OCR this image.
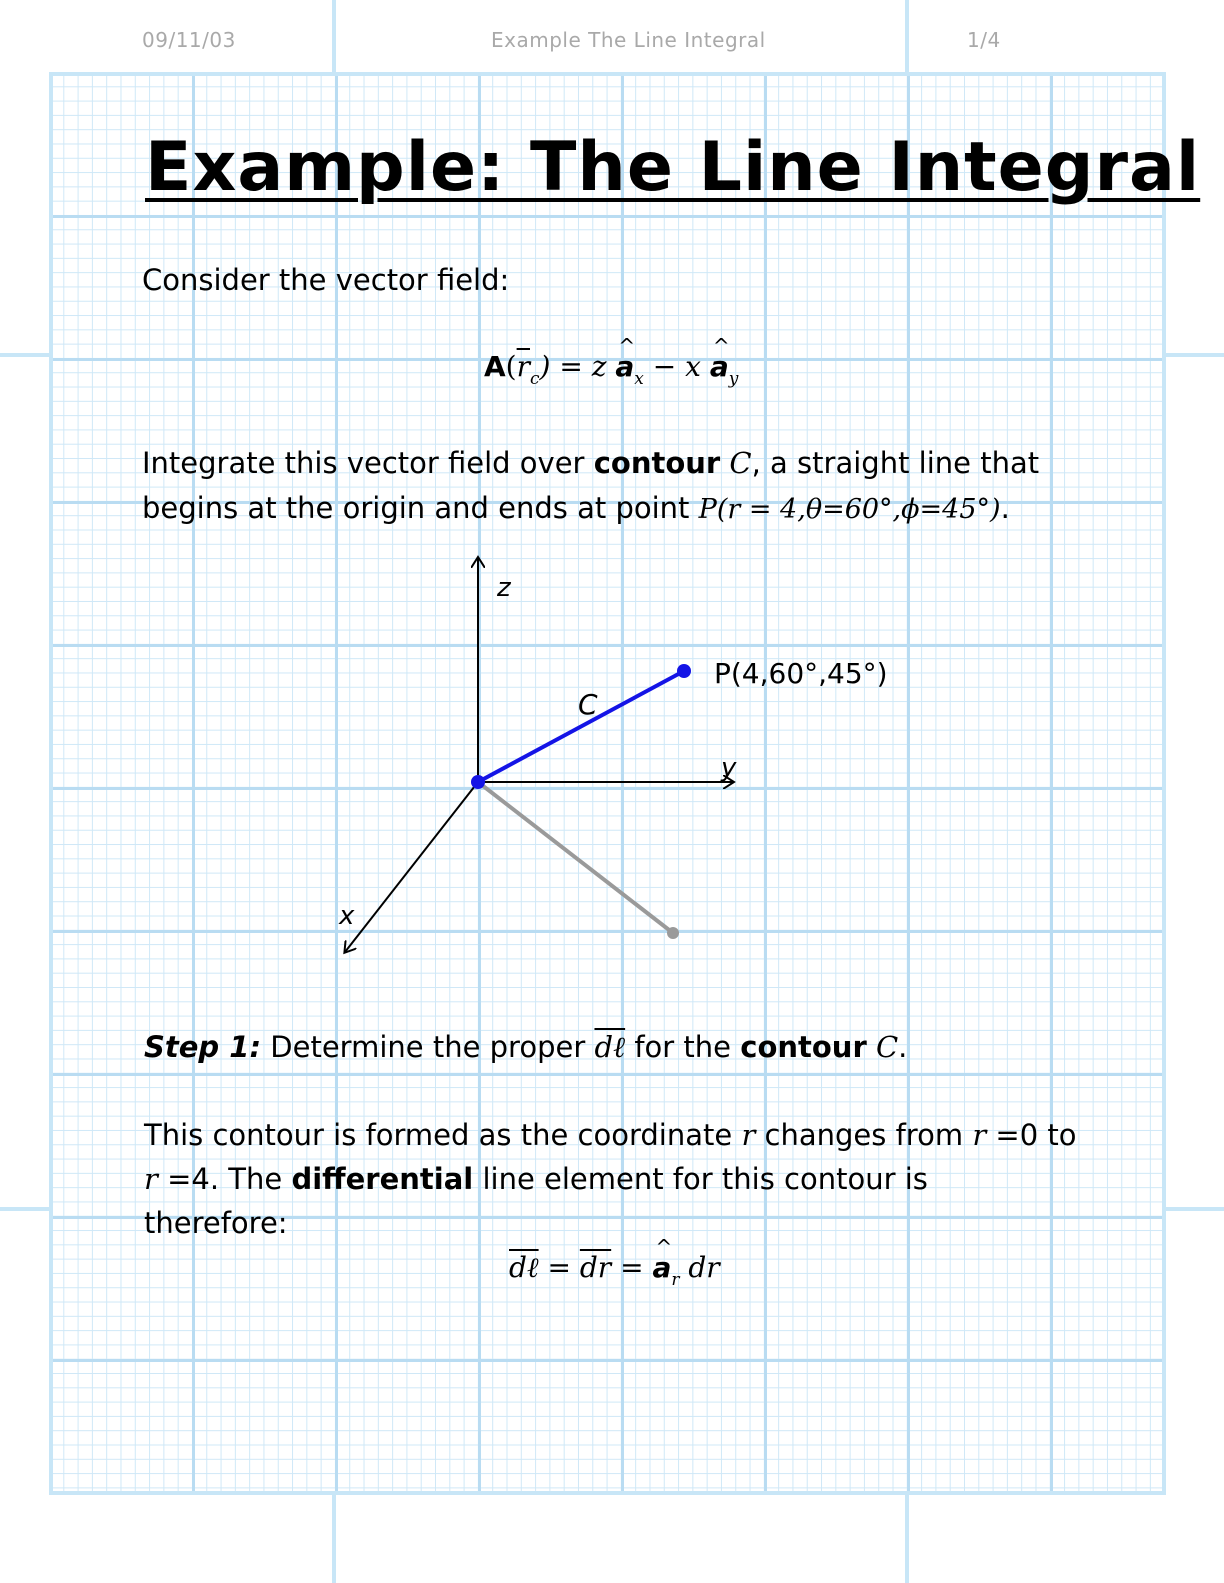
09/11/03	Example The Line Integral	1/4
Example: The Line Integral
Consider the vector field:
$A(\overline{r}_c) = z$ ^ $a_x - x$ ^ $a_y$
Integrate this vector field over contour C, a straight line that
begins at the origin and ends at point P(r = 4,θ=60°,ϕ=45°).
z
y
x
C
P(4,60°,45°)
Step 1: Determine the proper dℓ for the contour C.
This contour is formed as the coordinate r changes from r =0 to
r =4. The differential line element for this contour is
therefore:
dℓ = $\overline{dr}$ = ^ $a_r$ dr
